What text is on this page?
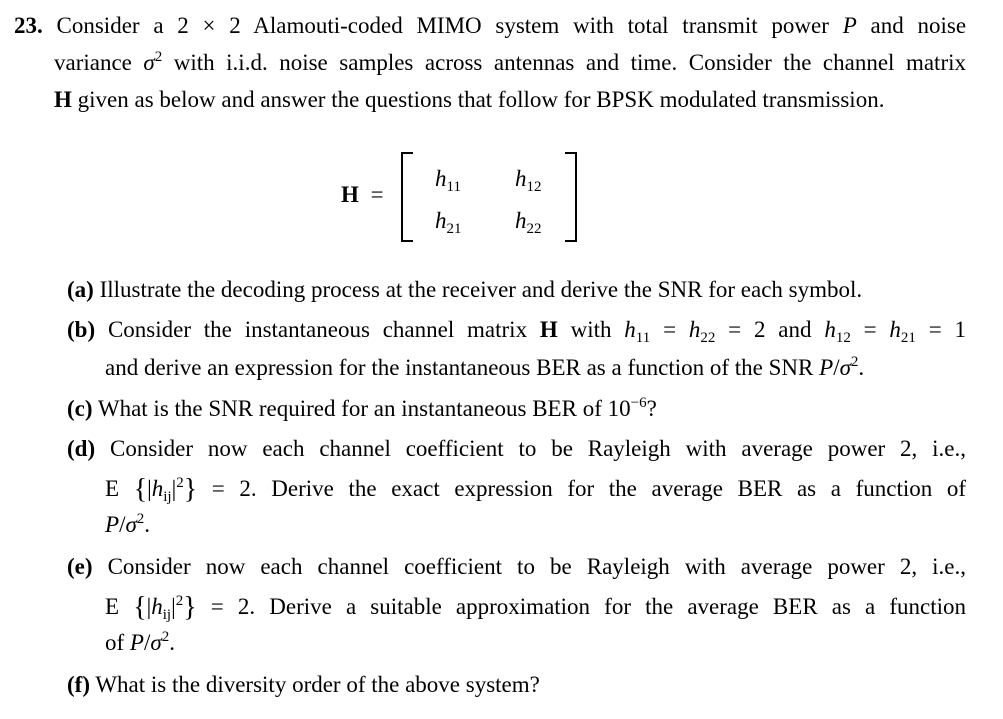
23. Consider a 2 × 2 Alamouti-coded MIMO system with total transmit power P and noise
variance $\sigma^2$ with i.i.d. noise samples across antennas and time. Consider the channel matrix
H given as below and answer the questions that follow for BPSK modulated transmission.
H =
$h_{11}$ $h_{12}$
$h_{21}$ $h_{22}$
(a) Illustrate the decoding process at the receiver and derive the SNR for each symbol.
(b) Consider the instantaneous channel matrix H with $h_{11} = h_{22} = 2$ and $h_{12} = h_{21} = 1$
and derive an expression for the instantaneous BER as a function of the SNR $P/\sigma^2$.
(c) What is the SNR required for an instantaneous BER of $10^{-6}$?
(d) Consider now each channel coefficient to be Rayleigh with average power 2, i.e.,
E $\{|h_{ij}|^2\} = 2$. Derive the exact expression for the average BER as a function of
$P/\sigma^2$.
(e) Consider now each channel coefficient to be Rayleigh with average power 2, i.e.,
E $\{|h_{ij}|^2\} = 2$. Derive a suitable approximation for the average BER as a function
of $P/\sigma^2$.
(f) What is the diversity order of the above system?
